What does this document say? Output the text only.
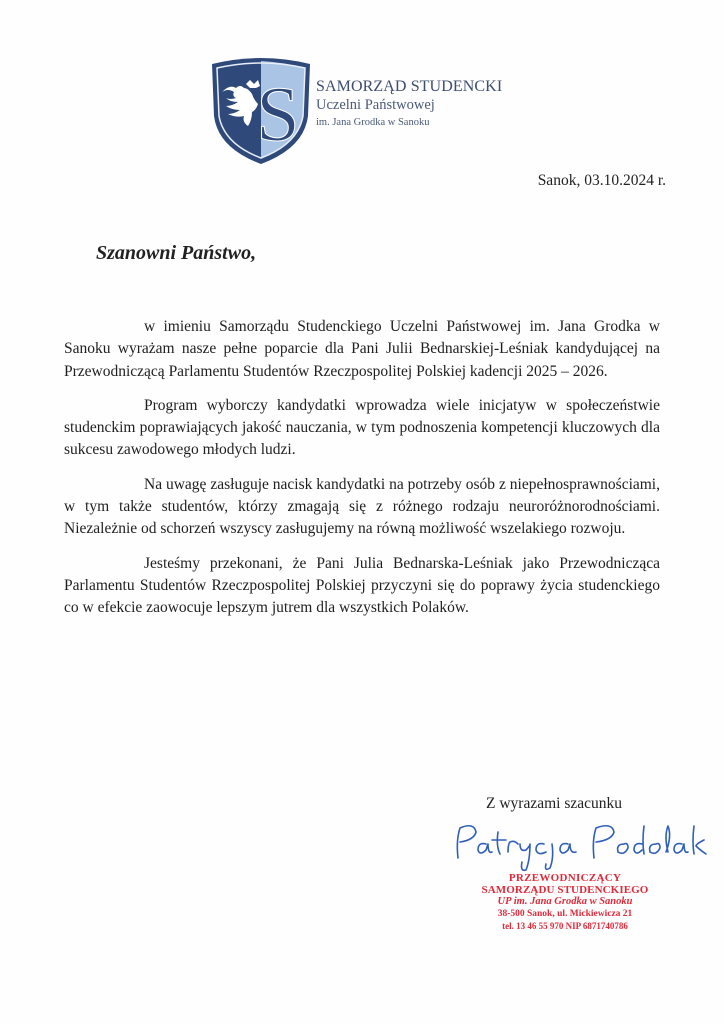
S SAMORZĄD STUDENCKI
Uczelni Państwowej
im. Jana Grodka w Sanoku
Sanok, 03.10.2024 r.
Szanowni Państwo,

w imieniu Samorządu Studenckiego Uczelni Państwowej im. Jana Grodka w Sanoku wyrażam nasze pełne poparcie dla Pani Julii Bednarskiej-Leśniak kandydującej na Przewodniczącą Parlamentu Studentów Rzeczpospolitej Polskiej kadencji 2025 – 2026.

Program wyborczy kandydatki wprowadza wiele inicjatyw w społeczeństwie studenckim poprawiających jakość nauczania, w tym podnoszenia kompetencji kluczowych dla sukcesu zawodowego młodych ludzi.

Na uwagę zasługuje nacisk kandydatki na potrzeby osób z niepełnosprawnościami, w tym także studentów, którzy zmagają się z różnego rodzaju neuroróżnorodnościami. Niezależnie od schorzeń wszyscy zasługujemy na równą możliwość wszelakiego rozwoju.

Jesteśmy przekonani, że Pani Julia Bednarska-Leśniak jako Przewodnicząca Parlamentu Studentów Rzeczpospolitej Polskiej przyczyni się do poprawy życia studenckiego co w efekcie zaowocuje lepszym jutrem dla wszystkich Polaków.

Z wyrazami szacunku
PRZEWODNICZĄCY
SAMORZĄDU STUDENCKIEGO
UP im. Jana Grodka w Sanoku
38-500 Sanok, ul. Mickiewicza 21
tel. 13 46 55 970 NIP 6871740786
